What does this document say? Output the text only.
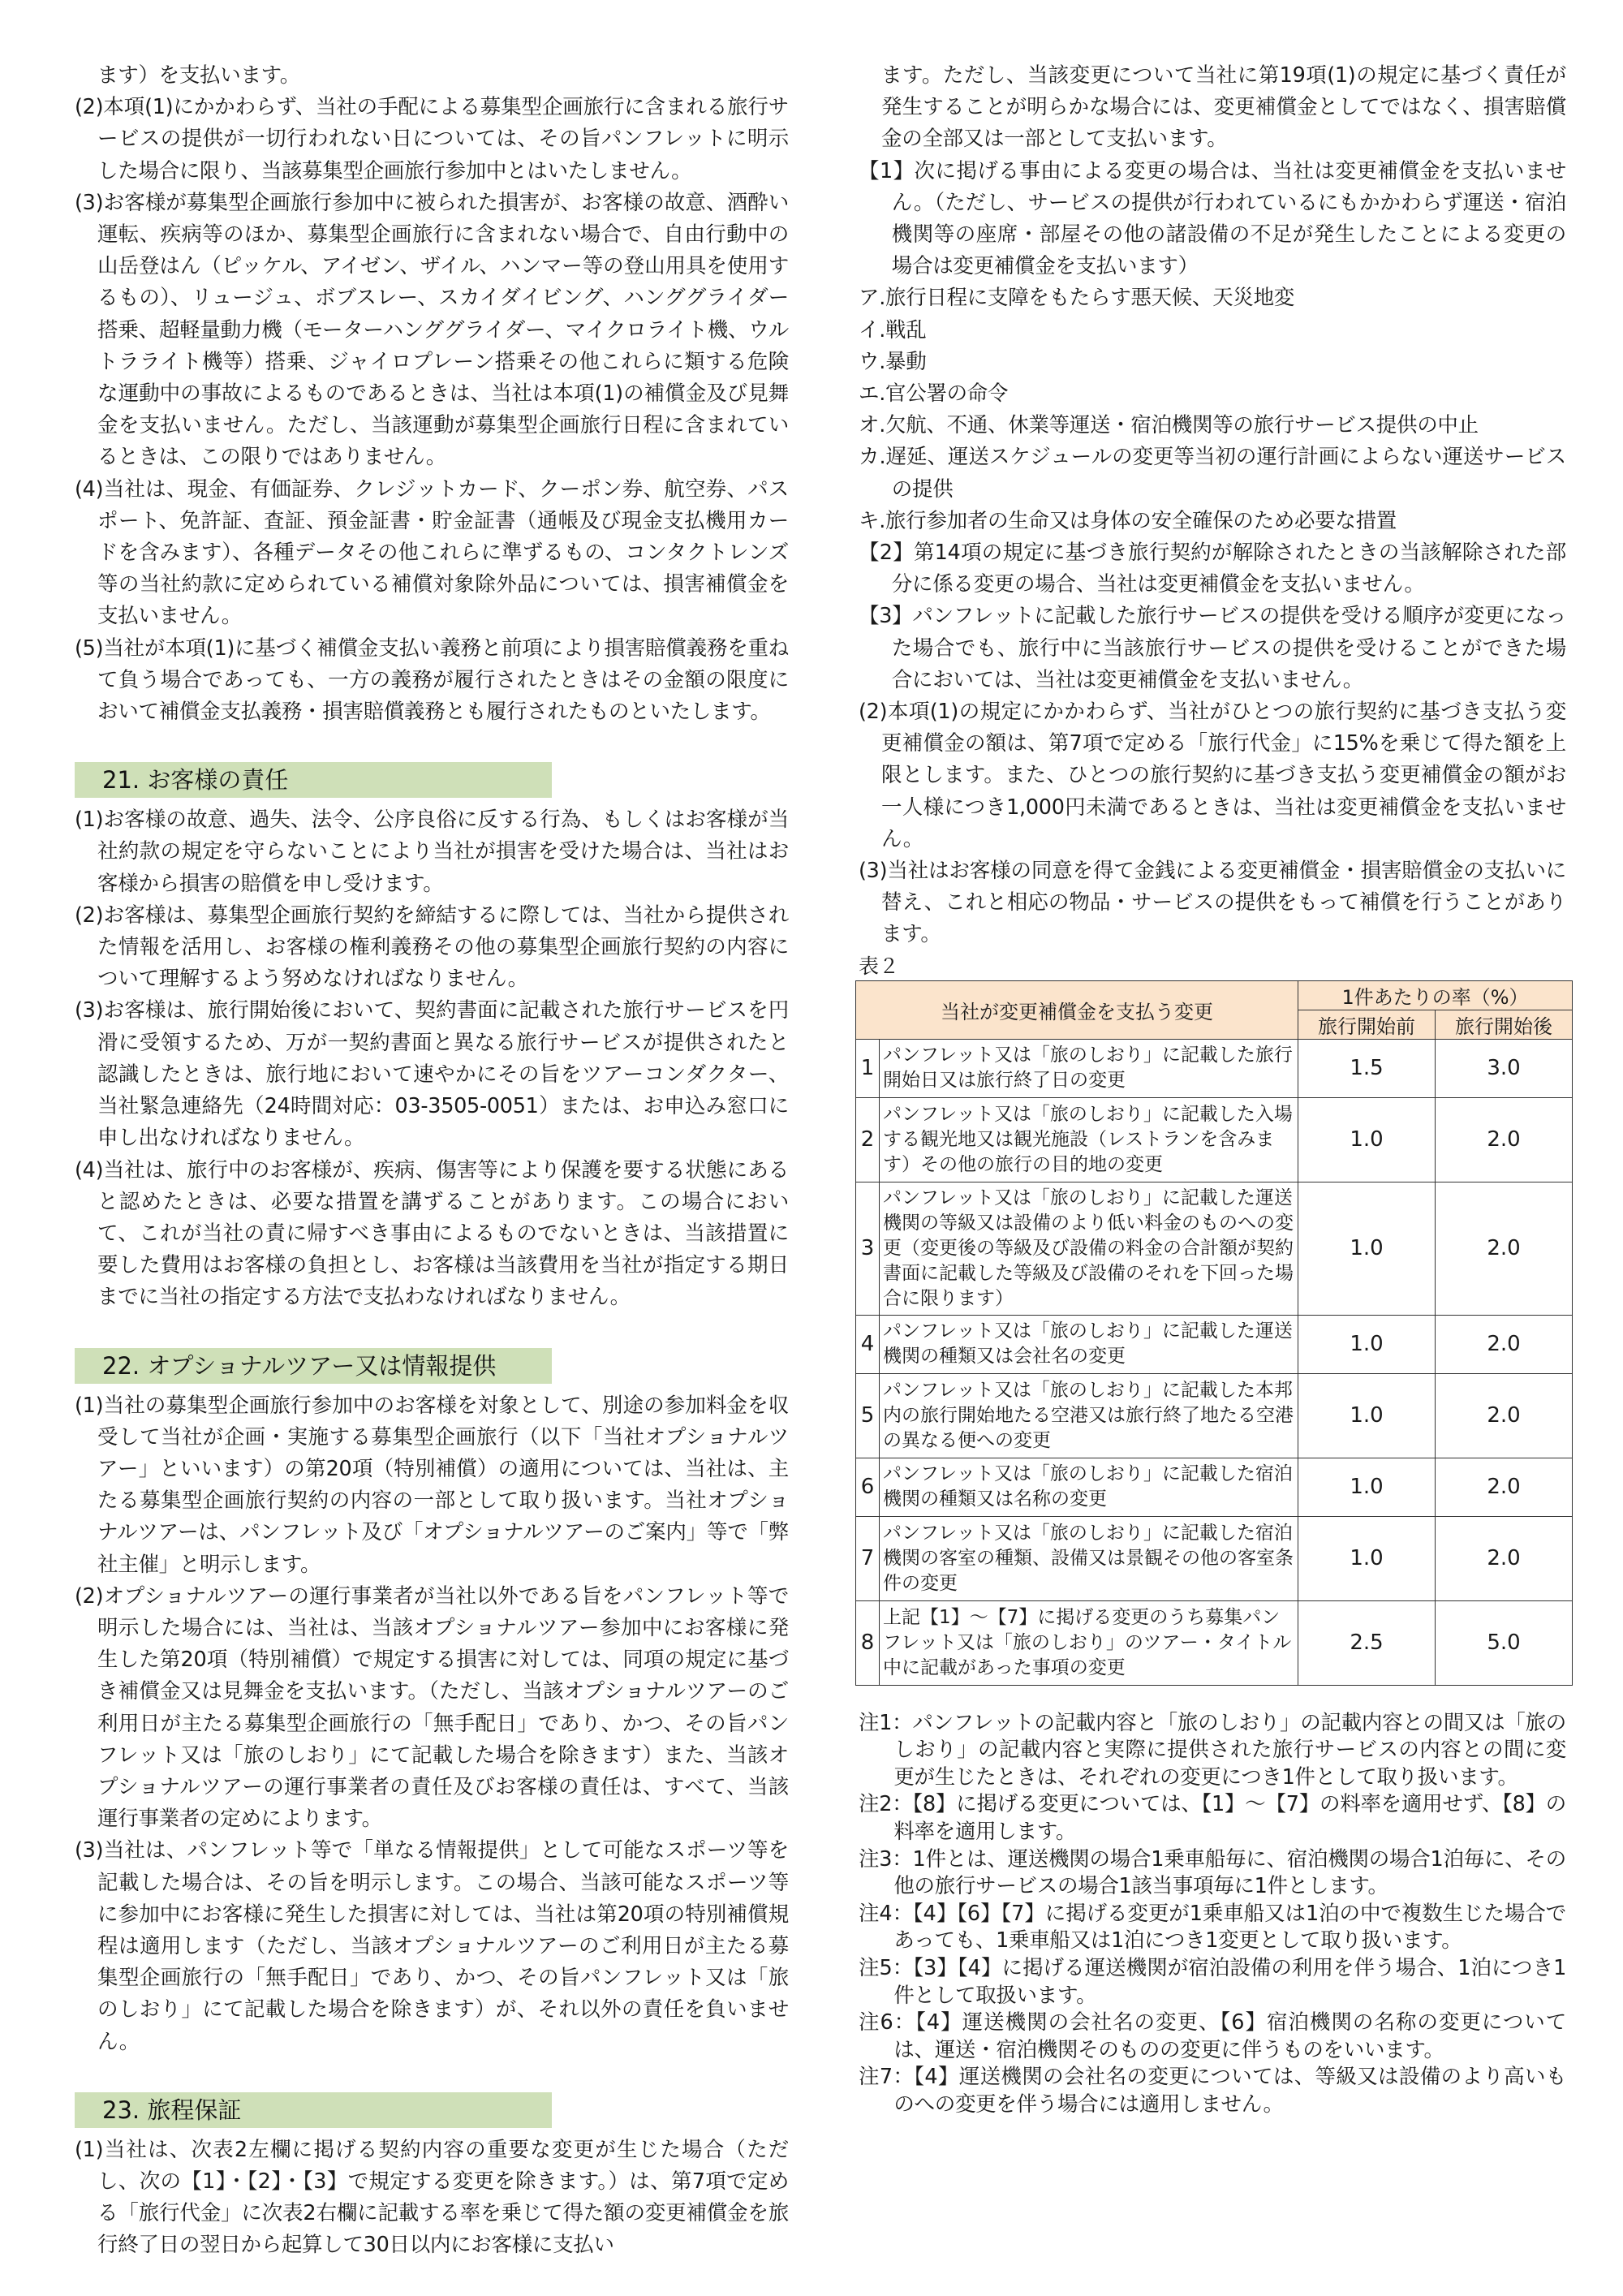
ます）を支払います。

(2)本項(1)にかかわらず、当社の手配による募集型企画旅行に含まれる旅行サービスの提供が一切行われない日については、その旨パンフレットに明示した場合に限り、当該募集型企画旅行参加中とはいたしません。

(3)お客様が募集型企画旅行参加中に被られた損害が、お客様の故意、酒酔い運転、疾病等のほか、募集型企画旅行に含まれない場合で、自由行動中の山岳登はん（ピッケル、アイゼン、ザイル、ハンマー等の登山用具を使用するもの）、リュージュ、ボブスレー、スカイダイビング、ハンググライダー搭乗、超軽量動力機（モーターハンググライダー、マイクロライト機、ウルトラライト機等）搭乗、ジャイロプレーン搭乗その他これらに類する危険な運動中の事故によるものであるときは、当社は本項(1)の補償金及び見舞金を支払いません。ただし、当該運動が募集型企画旅行日程に含まれているときは、この限りではありません。

(4)当社は、現金、有価証券、クレジットカード、クーポン券、航空券、パスポート、免許証、査証、預金証書・貯金証書（通帳及び現金支払機用カードを含みます）、各種データその他これらに準ずるもの、コンタクトレンズ等の当社約款に定められている補償対象除外品については、損害補償金を支払いません。

(5)当社が本項(1)に基づく補償金支払い義務と前項により損害賠償義務を重ねて負う場合であっても、一方の義務が履行されたときはその金額の限度において補償金支払義務・損害賠償義務とも履行されたものといたします。

21. お客様の責任

(1)お客様の故意、過失、法令、公序良俗に反する行為、もしくはお客様が当社約款の規定を守らないことにより当社が損害を受けた場合は、当社はお客様から損害の賠償を申し受けます。

(2)お客様は、募集型企画旅行契約を締結するに際しては、当社から提供された情報を活用し、お客様の権利義務その他の募集型企画旅行契約の内容について理解するよう努めなければなりません。

(3)お客様は、旅行開始後において、契約書面に記載された旅行サービスを円滑に受領するため、万が一契約書面と異なる旅行サービスが提供されたと認識したときは、旅行地において速やかにその旨をツアーコンダクター、当社緊急連絡先（24時間対応：03-3505-0051）または、お申込み窓口に申し出なければなりません。

(4)当社は、旅行中のお客様が、疾病、傷害等により保護を要する状態にあると認めたときは、必要な措置を講ずることがあります。この場合において、これが当社の責に帰すべき事由によるものでないときは、当該措置に要した費用はお客様の負担とし、お客様は当該費用を当社が指定する期日までに当社の指定する方法で支払わなければなりません。

22. オプショナルツアー又は情報提供

(1)当社の募集型企画旅行参加中のお客様を対象として、別途の参加料金を収受して当社が企画・実施する募集型企画旅行（以下「当社オプショナルツアー」といいます）の第20項（特別補償）の適用については、当社は、主たる募集型企画旅行契約の内容の一部として取り扱います。当社オプショナルツアーは、パンフレット及び「オプショナルツアーのご案内」等で「弊社主催」と明示します。

(2)オプショナルツアーの運行事業者が当社以外である旨をパンフレット等で明示した場合には、当社は、当該オプショナルツアー参加中にお客様に発生した第20項（特別補償）で規定する損害に対しては、同項の規定に基づき補償金又は見舞金を支払います。（ただし、当該オプショナルツアーのご利用日が主たる募集型企画旅行の「無手配日」であり、かつ、その旨パンフレット又は「旅のしおり」にて記載した場合を除きます）また、当該オプショナルツアーの運行事業者の責任及びお客様の責任は、すべて、当該運行事業者の定めによります。

(3)当社は、パンフレット等で「単なる情報提供」として可能なスポーツ等を記載した場合は、その旨を明示します。この場合、当該可能なスポーツ等に参加中にお客様に発生した損害に対しては、当社は第20項の特別補償規程は適用します（ただし、当該オプショナルツアーのご利用日が主たる募集型企画旅行の「無手配日」であり、かつ、その旨パンフレット又は「旅のしおり」にて記載した場合を除きます）が、それ以外の責任を負いません。

23. 旅程保証

(1)当社は、次表2左欄に掲げる契約内容の重要な変更が生じた場合（ただし、次の【1】・【2】・【3】で規定する変更を除きます。）は、第7項で定める「旅行代金」に次表2右欄に記載する率を乗じて得た額の変更補償金を旅行終了日の翌日から起算して30日以内にお客様に支払い

ます。ただし、当該変更について当社に第19項(1)の規定に基づく責任が発生することが明らかな場合には、変更補償金としてではなく、損害賠償金の全部又は一部として支払います。

【1】次に掲げる事由による変更の場合は、当社は変更補償金を支払いません。（ただし、サービスの提供が行われているにもかかわらず運送・宿泊機関等の座席・部屋その他の諸設備の不足が発生したことによる変更の場合は変更補償金を支払います）

ア.旅行日程に支障をもたらす悪天候、天災地変

イ.戦乱

ウ.暴動

エ.官公署の命令

オ.欠航、不通、休業等運送・宿泊機関等の旅行サービス提供の中止

カ.遅延、運送スケジュールの変更等当初の運行計画によらない運送サービスの提供

キ.旅行参加者の生命又は身体の安全確保のため必要な措置

【2】第14項の規定に基づき旅行契約が解除されたときの当該解除された部分に係る変更の場合、当社は変更補償金を支払いません。

【3】パンフレットに記載した旅行サービスの提供を受ける順序が変更になった場合でも、旅行中に当該旅行サービスの提供を受けることができた場合においては、当社は変更補償金を支払いません。

(2)本項(1)の規定にかかわらず、当社がひとつの旅行契約に基づき支払う変更補償金の額は、第7項で定める「旅行代金」に15%を乗じて得た額を上限とします。また、ひとつの旅行契約に基づき支払う変更補償金の額がお一人様につき1,000円未満であるときは、当社は変更補償金を支払いません。

(3)当社はお客様の同意を得て金銭による変更補償金・損害賠償金の支払いに替え、これと相応の物品・サービスの提供をもって補償を行うことがあります。

表２
当社が変更補償金を支払う変更		1件あたりの率（%）	
		旅行開始前	旅行開始後
1	パンフレット又は「旅のしおり」に記載した旅行開始日又は旅行終了日の変更	1.5	3.0
2	パンフレット又は「旅のしおり」に記載した入場する観光地又は観光施設（レストランを含みます）その他の旅行の目的地の変更	1.0	2.0
3	パンフレット又は「旅のしおり」に記載した運送機関の等級又は設備のより低い料金のものへの変更（変更後の等級及び設備の料金の合計額が契約書面に記載した等級及び設備のそれを下回った場合に限ります）	1.0	2.0
4	パンフレット又は「旅のしおり」に記載した運送機関の種類又は会社名の変更	1.0	2.0
5	パンフレット又は「旅のしおり」に記載した本邦内の旅行開始地たる空港又は旅行終了地たる空港の異なる便への変更	1.0	2.0
6	パンフレット又は「旅のしおり」に記載した宿泊機関の種類又は名称の変更	1.0	2.0
7	パンフレット又は「旅のしおり」に記載した宿泊機関の客室の種類、設備又は景観その他の客室条件の変更	1.0	2.0
8	上記【1】～【7】に掲げる変更のうち募集パンフレット又は「旅のしおり」のツアー・タイトル中に記載があった事項の変更	2.5	5.0

注1：パンフレットの記載内容と「旅のしおり」の記載内容との間又は「旅のしおり」の記載内容と実際に提供された旅行サービスの内容との間に変更が生じたときは、それぞれの変更につき1件として取り扱います。

注2：【8】に掲げる変更については、【1】～【7】の料率を適用せず、【8】の料率を適用します。

注3：1件とは、運送機関の場合1乗車船毎に、宿泊機関の場合1泊毎に、その他の旅行サービスの場合1該当事項毎に1件とします。

注4：【4】【6】【7】に掲げる変更が1乗車船又は1泊の中で複数生じた場合であっても、1乗車船又は1泊につき1変更として取り扱います。

注5：【3】【4】に掲げる運送機関が宿泊設備の利用を伴う場合、1泊につき1件として取扱います。

注6：【4】運送機関の会社名の変更、【6】宿泊機関の名称の変更については、運送・宿泊機関そのものの変更に伴うものをいいます。

注7：【4】運送機関の会社名の変更については、等級又は設備のより高いものへの変更を伴う場合には適用しません。
